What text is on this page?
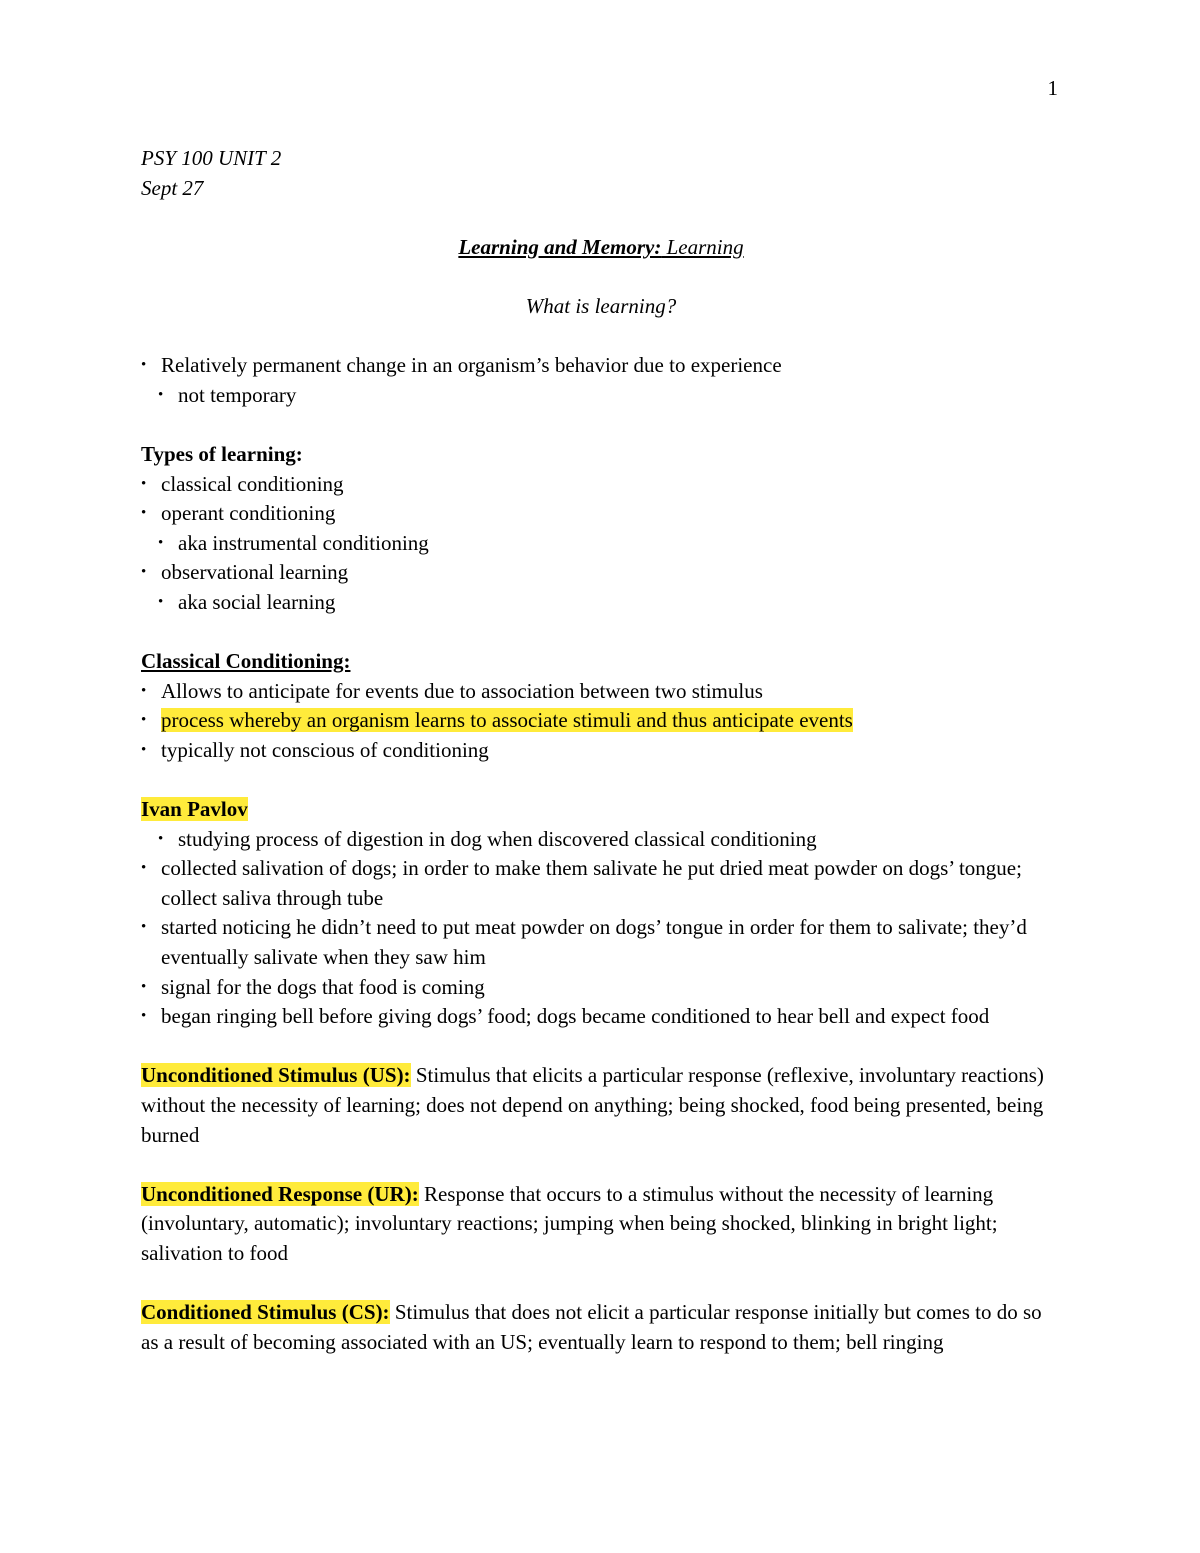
1
PSY 100 UNIT 2
Sept 27
Learning and Memory: Learning
What is learning?
• Relatively permanent change in an organism’s behavior due to experience
• not temporary
Types of learning:
• classical conditioning
• operant conditioning
• aka instrumental conditioning
• observational learning
• aka social learning
Classical Conditioning:
• Allows to anticipate for events due to association between two stimulus
• process whereby an organism learns to associate stimuli and thus anticipate events
• typically not conscious of conditioning
Ivan Pavlov
• studying process of digestion in dog when discovered classical conditioning
• collected salivation of dogs; in order to make them salivate he put dried meat powder on dogs’ tongue; collect saliva through tube
• started noticing he didn’t need to put meat powder on dogs’ tongue in order for them to salivate; they’d eventually salivate when they saw him
• signal for the dogs that food is coming
• began ringing bell before giving dogs’ food; dogs became conditioned to hear bell and expect food
Unconditioned Stimulus (US): Stimulus that elicits a particular response (reflexive, involuntary reactions) without the necessity of learning; does not depend on anything; being shocked, food being presented, being burned
Unconditioned Response (UR): Response that occurs to a stimulus without the necessity of learning (involuntary, automatic); involuntary reactions; jumping when being shocked, blinking in bright light; salivation to food
Conditioned Stimulus (CS): Stimulus that does not elicit a particular response initially but comes to do so as a result of becoming associated with an US; eventually learn to respond to them; bell ringing
